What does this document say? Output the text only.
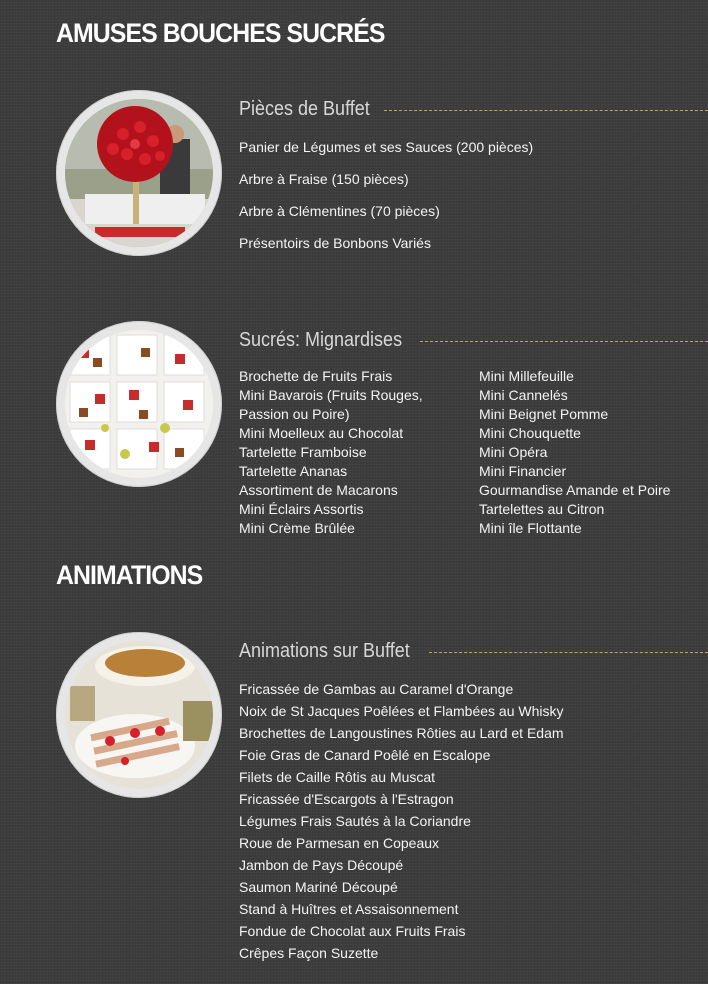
AMUSES BOUCHES SUCRÉS
Pièces de Buffet
Panier de Légumes et ses Sauces (200 pièces)
Arbre à Fraise (150 pièces)
Arbre à Clémentines (70 pièces)
Présentoirs de Bonbons Variés
Sucrés: Mignardises
Brochette de Fruits Frais
Mini Bavarois (Fruits Rouges, Passion ou Poire)
Mini Moelleux au Chocolat
Tartelette Framboise
Tartelette Ananas
Assortiment de Macarons
Mini Éclairs Assortis
Mini Crème Brûlée
Mini Millefeuille
Mini Cannelés
Mini Beignet Pomme
Mini Chouquette
Mini Opéra
Mini Financier
Gourmandise Amande et Poire
Tartelettes au Citron
Mini île Flottante
ANIMATIONS
Animations sur Buffet
Fricassée de Gambas au Caramel d'Orange
Noix de St Jacques Poêlées et Flambées au Whisky
Brochettes de Langoustines Rôties au Lard et Edam
Foie Gras de Canard Poêlé en Escalope
Filets de Caille Rôtis au Muscat
Fricassée d'Escargots à l'Estragon
Légumes Frais Sautés à la Coriandre
Roue de Parmesan en Copeaux
Jambon de Pays Découpé
Saumon Mariné Découpé
Stand à Huîtres et Assaisonnement
Fondue de Chocolat aux Fruits Frais
Crêpes Façon Suzette
